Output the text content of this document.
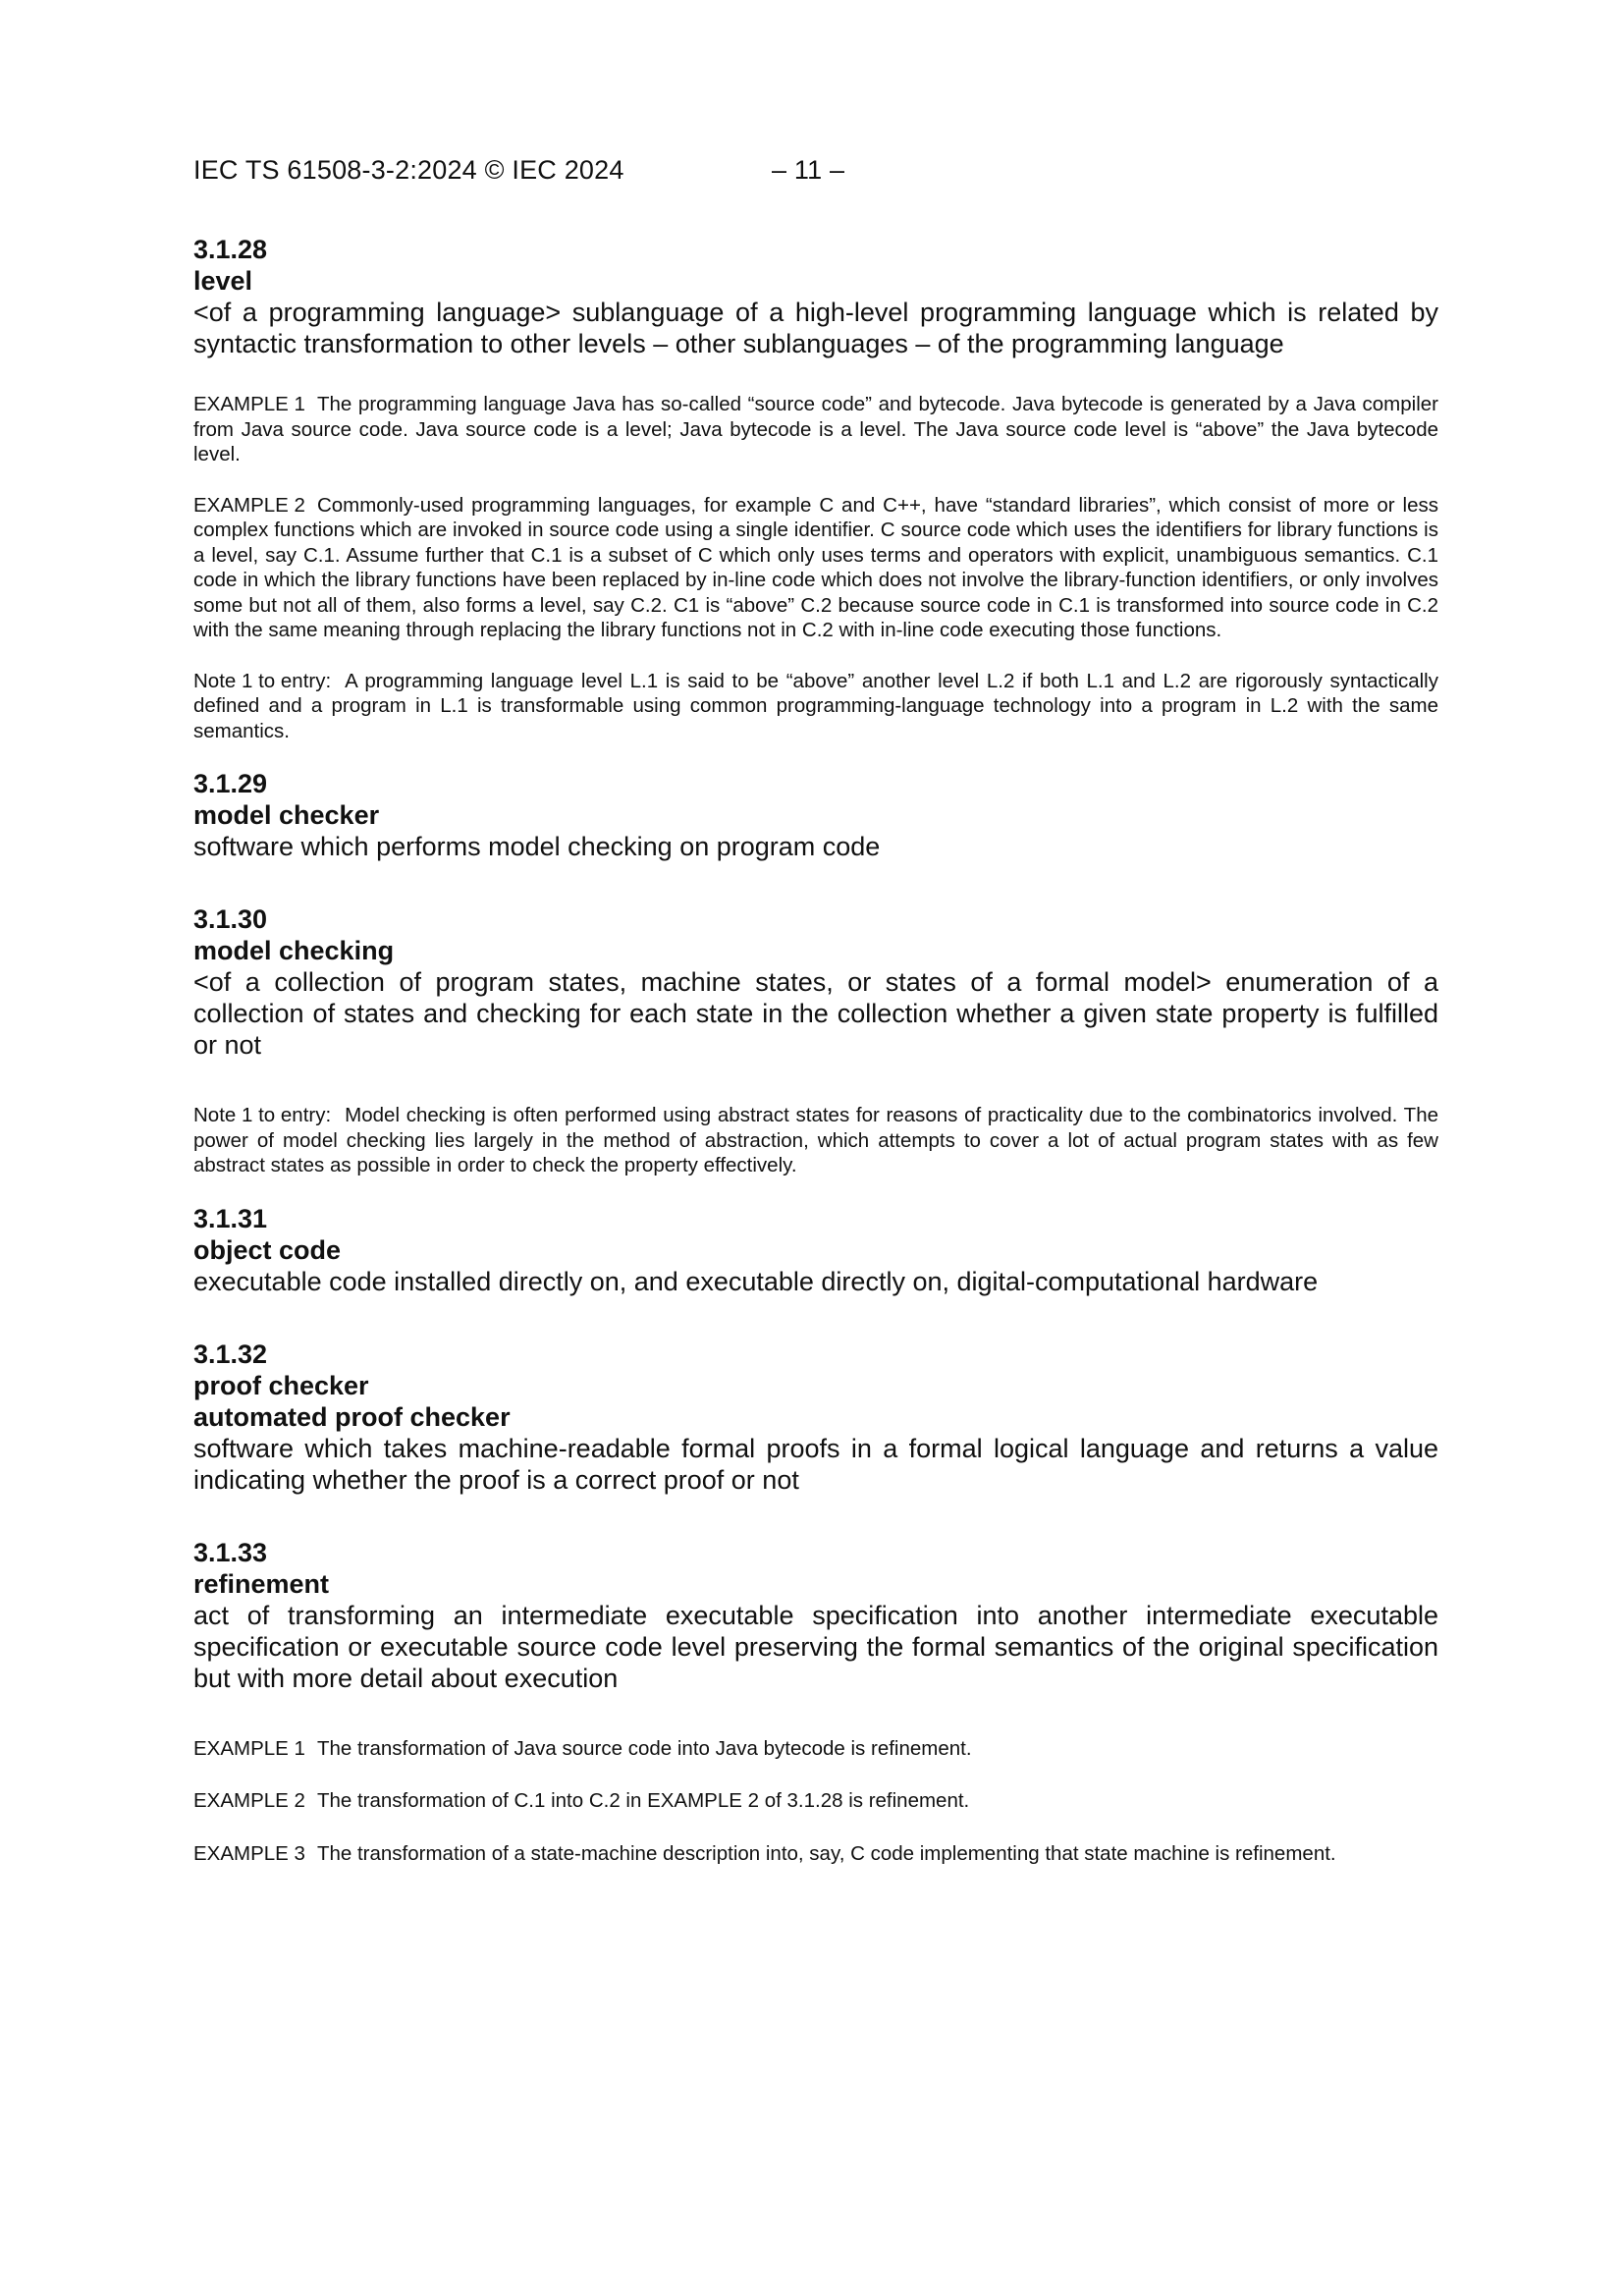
IEC TS 61508-3-2:2024 © IEC 2024	– 11 –
3.1.28
level
<of a programming language> sublanguage of a high-level programming language which is related by syntactic transformation to other levels – other sublanguages – of the programming language
EXAMPLE 1 The programming language Java has so-called “source code” and bytecode. Java bytecode is generated by a Java compiler from Java source code. Java source code is a level; Java bytecode is a level. The Java source code level is “above” the Java bytecode level.
EXAMPLE 2 Commonly-used programming languages, for example C and C++, have “standard libraries”, which consist of more or less complex functions which are invoked in source code using a single identifier. C source code which uses the identifiers for library functions is a level, say C.1. Assume further that C.1 is a subset of C which only uses terms and operators with explicit, unambiguous semantics. C.1 code in which the library functions have been replaced by in-line code which does not involve the library-function identifiers, or only involves some but not all of them, also forms a level, say C.2. C1 is “above” C.2 because source code in C.1 is transformed into source code in C.2 with the same meaning through replacing the library functions not in C.2 with in-line code executing those functions.
Note 1 to entry: A programming language level L.1 is said to be “above” another level L.2 if both L.1 and L.2 are rigorously syntactically defined and a program in L.1 is transformable using common programming-language technology into a program in L.2 with the same semantics.
3.1.29
model checker
software which performs model checking on program code
3.1.30
model checking
<of a collection of program states, machine states, or states of a formal model> enumeration of a collection of states and checking for each state in the collection whether a given state property is fulfilled or not
Note 1 to entry: Model checking is often performed using abstract states for reasons of practicality due to the combinatorics involved. The power of model checking lies largely in the method of abstraction, which attempts to cover a lot of actual program states with as few abstract states as possible in order to check the property effectively.
3.1.31
object code
executable code installed directly on, and executable directly on, digital-computational hardware
3.1.32
proof checker
automated proof checker
software which takes machine-readable formal proofs in a formal logical language and returns a value indicating whether the proof is a correct proof or not
3.1.33
refinement
act of transforming an intermediate executable specification into another intermediate executable specification or executable source code level preserving the formal semantics of the original specification but with more detail about execution
EXAMPLE 1 The transformation of Java source code into Java bytecode is refinement.
EXAMPLE 2 The transformation of C.1 into C.2 in EXAMPLE 2 of 3.1.28 is refinement.
EXAMPLE 3 The transformation of a state-machine description into, say, C code implementing that state machine is refinement.
